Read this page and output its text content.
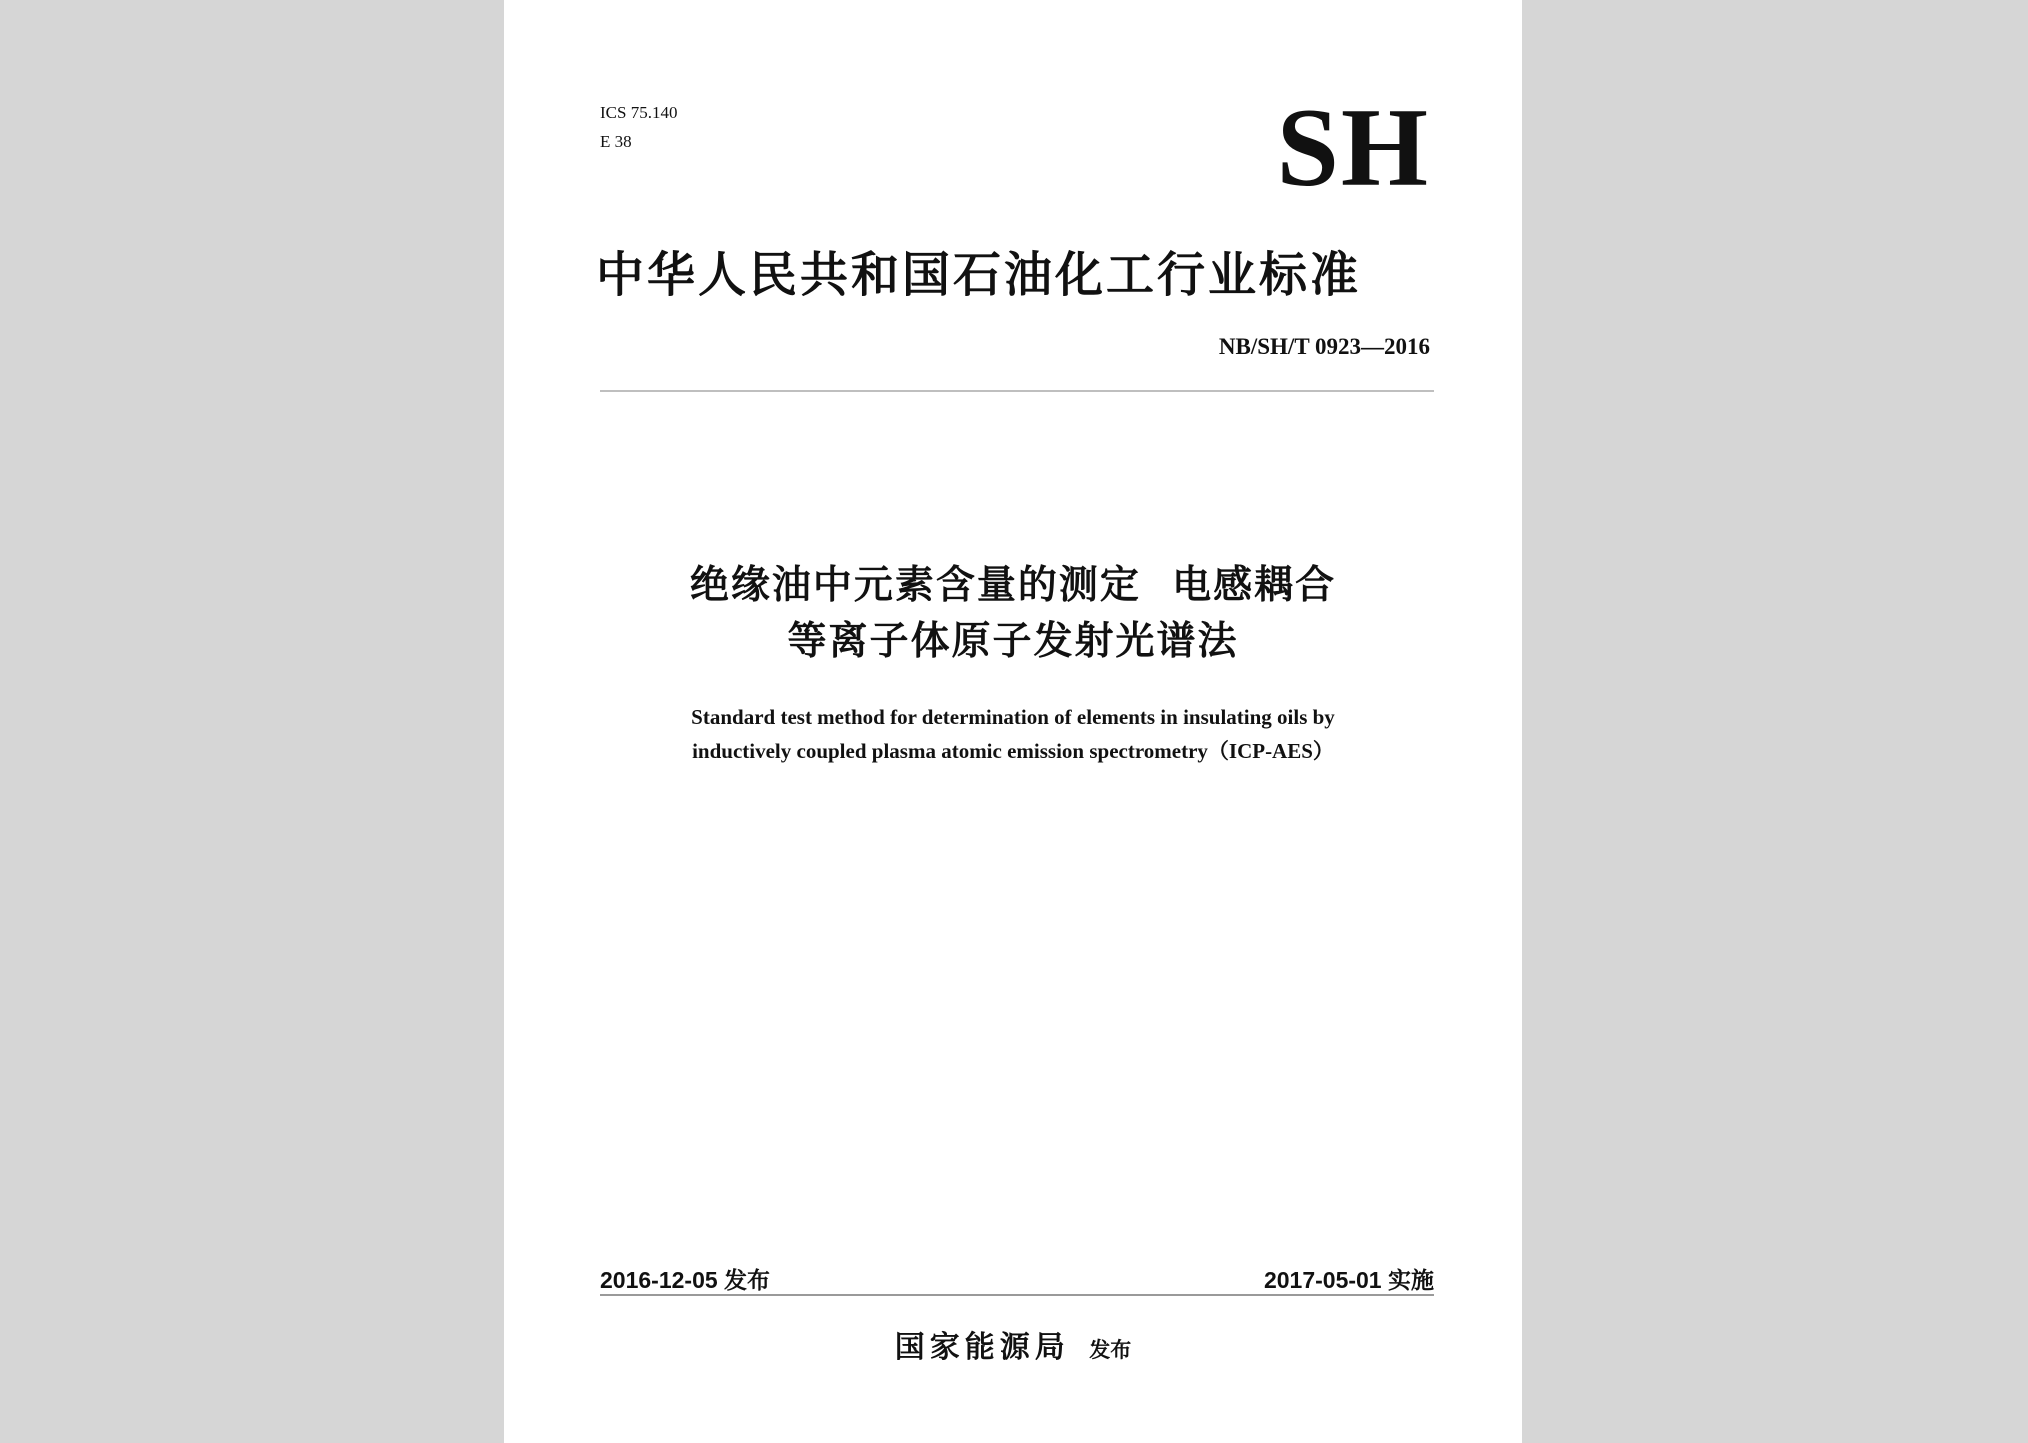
ICS 75.140
E 38	SH
中华人民共和国石油化工行业标准
NB/SH/T 0923—2016
绝缘油中元素含量的测定  电感耦合
等离子体原子发射光谱法
Standard test method for determination of elements in insulating oils by
inductively coupled plasma atomic emission spectrometry（ICP-AES）
2016-12-05 发布	2017-05-01 实施
国家能源局 发布
